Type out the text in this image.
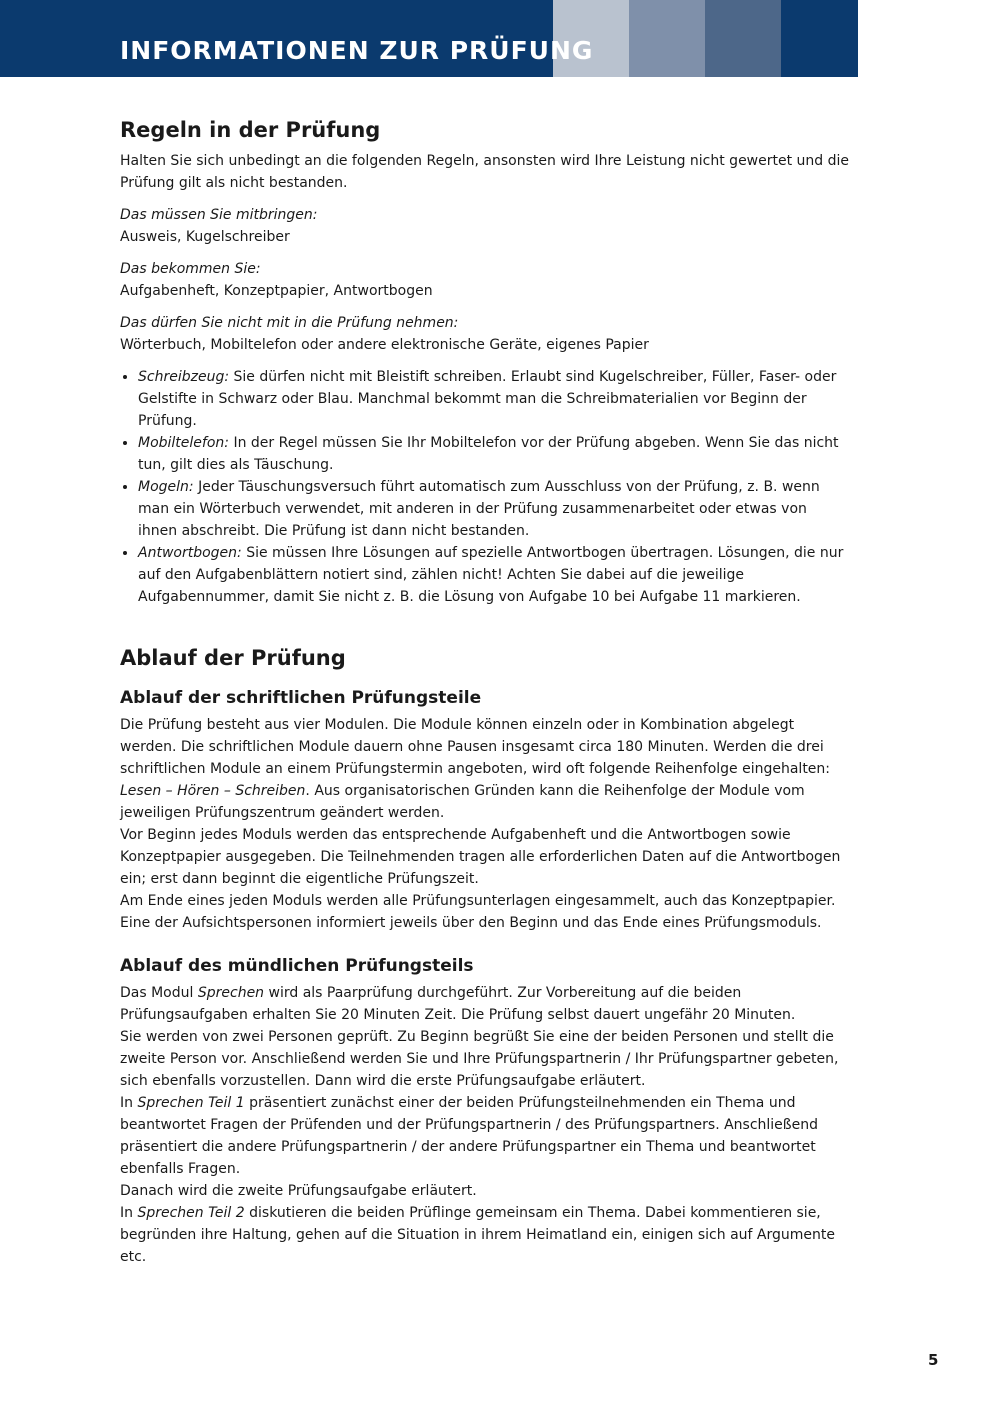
INFORMATIONEN ZUR PRÜFUNG
Regeln in der Prüfung

Halten Sie sich unbedingt an die folgenden Regeln, ansonsten wird Ihre Leistung nicht gewertet und die Prüfung gilt als nicht bestanden.

Das müssen Sie mitbringen:
Ausweis, Kugelschreiber

Das bekommen Sie:
Aufgabenheft, Konzeptpapier, Antwortbogen

Das dürfen Sie nicht mit in die Prüfung nehmen:
Wörterbuch, Mobiltelefon oder andere elektronische Geräte, eigenes Papier

• Schreibzeug: Sie dürfen nicht mit Bleistift schreiben. Erlaubt sind Kugelschreiber, Füller, Faser- oder Gelstifte in Schwarz oder Blau. Manchmal bekommt man die Schreibmaterialien vor Beginn der Prüfung.
• Mobiltelefon: In der Regel müssen Sie Ihr Mobiltelefon vor der Prüfung abgeben. Wenn Sie das nicht tun, gilt dies als Täuschung.
• Mogeln: Jeder Täuschungsversuch führt automatisch zum Ausschluss von der Prüfung, z. B. wenn man ein Wörterbuch verwendet, mit anderen in der Prüfung zusammenarbeitet oder etwas von ihnen abschreibt. Die Prüfung ist dann nicht bestanden.
• Antwortbogen: Sie müssen Ihre Lösungen auf spezielle Antwortbogen übertragen. Lösungen, die nur auf den Aufgabenblättern notiert sind, zählen nicht! Achten Sie dabei auf die jeweilige Aufgabennummer, damit Sie nicht z. B. die Lösung von Aufgabe 10 bei Aufgabe 11 markieren.
Ablauf der Prüfung
Ablauf der schriftlichen Prüfungsteile

Die Prüfung besteht aus vier Modulen. Die Module können einzeln oder in Kombination abgelegt werden. Die schriftlichen Module dauern ohne Pausen insgesamt circa 180 Minuten. Werden die drei schriftlichen Module an einem Prüfungstermin angeboten, wird oft folgende Reihenfolge eingehalten: Lesen – Hören – Schreiben. Aus organisatorischen Gründen kann die Reihenfolge der Module vom jeweiligen Prüfungszentrum geändert werden.

Vor Beginn jedes Moduls werden das entsprechende Aufgabenheft und die Antwortbogen sowie Konzeptpapier ausgegeben. Die Teilnehmenden tragen alle erforderlichen Daten auf die Antwortbogen ein; erst dann beginnt die eigentliche Prüfungszeit.

Am Ende eines jeden Moduls werden alle Prüfungsunterlagen eingesammelt, auch das Konzeptpapier. Eine der Aufsichtspersonen informiert jeweils über den Beginn und das Ende eines Prüfungsmoduls.

Ablauf des mündlichen Prüfungsteils

Das Modul Sprechen wird als Paarprüfung durchgeführt. Zur Vorbereitung auf die beiden Prüfungsaufgaben erhalten Sie 20 Minuten Zeit. Die Prüfung selbst dauert ungefähr 20 Minuten.

Sie werden von zwei Personen geprüft. Zu Beginn begrüßt Sie eine der beiden Personen und stellt die zweite Person vor. Anschließend werden Sie und Ihre Prüfungspartnerin / Ihr Prüfungspartner gebeten, sich ebenfalls vorzustellen. Dann wird die erste Prüfungsaufgabe erläutert.

In Sprechen Teil 1 präsentiert zunächst einer der beiden Prüfungsteilnehmenden ein Thema und beantwortet Fragen der Prüfenden und der Prüfungspartnerin / des Prüfungspartners. Anschließend präsentiert die andere Prüfungspartnerin / der andere Prüfungspartner ein Thema und beantwortet ebenfalls Fragen.

Danach wird die zweite Prüfungsaufgabe erläutert.

In Sprechen Teil 2 diskutieren die beiden Prüflinge gemeinsam ein Thema. Dabei kommentieren sie, begründen ihre Haltung, gehen auf die Situation in ihrem Heimatland ein, einigen sich auf Argumente etc.

5
